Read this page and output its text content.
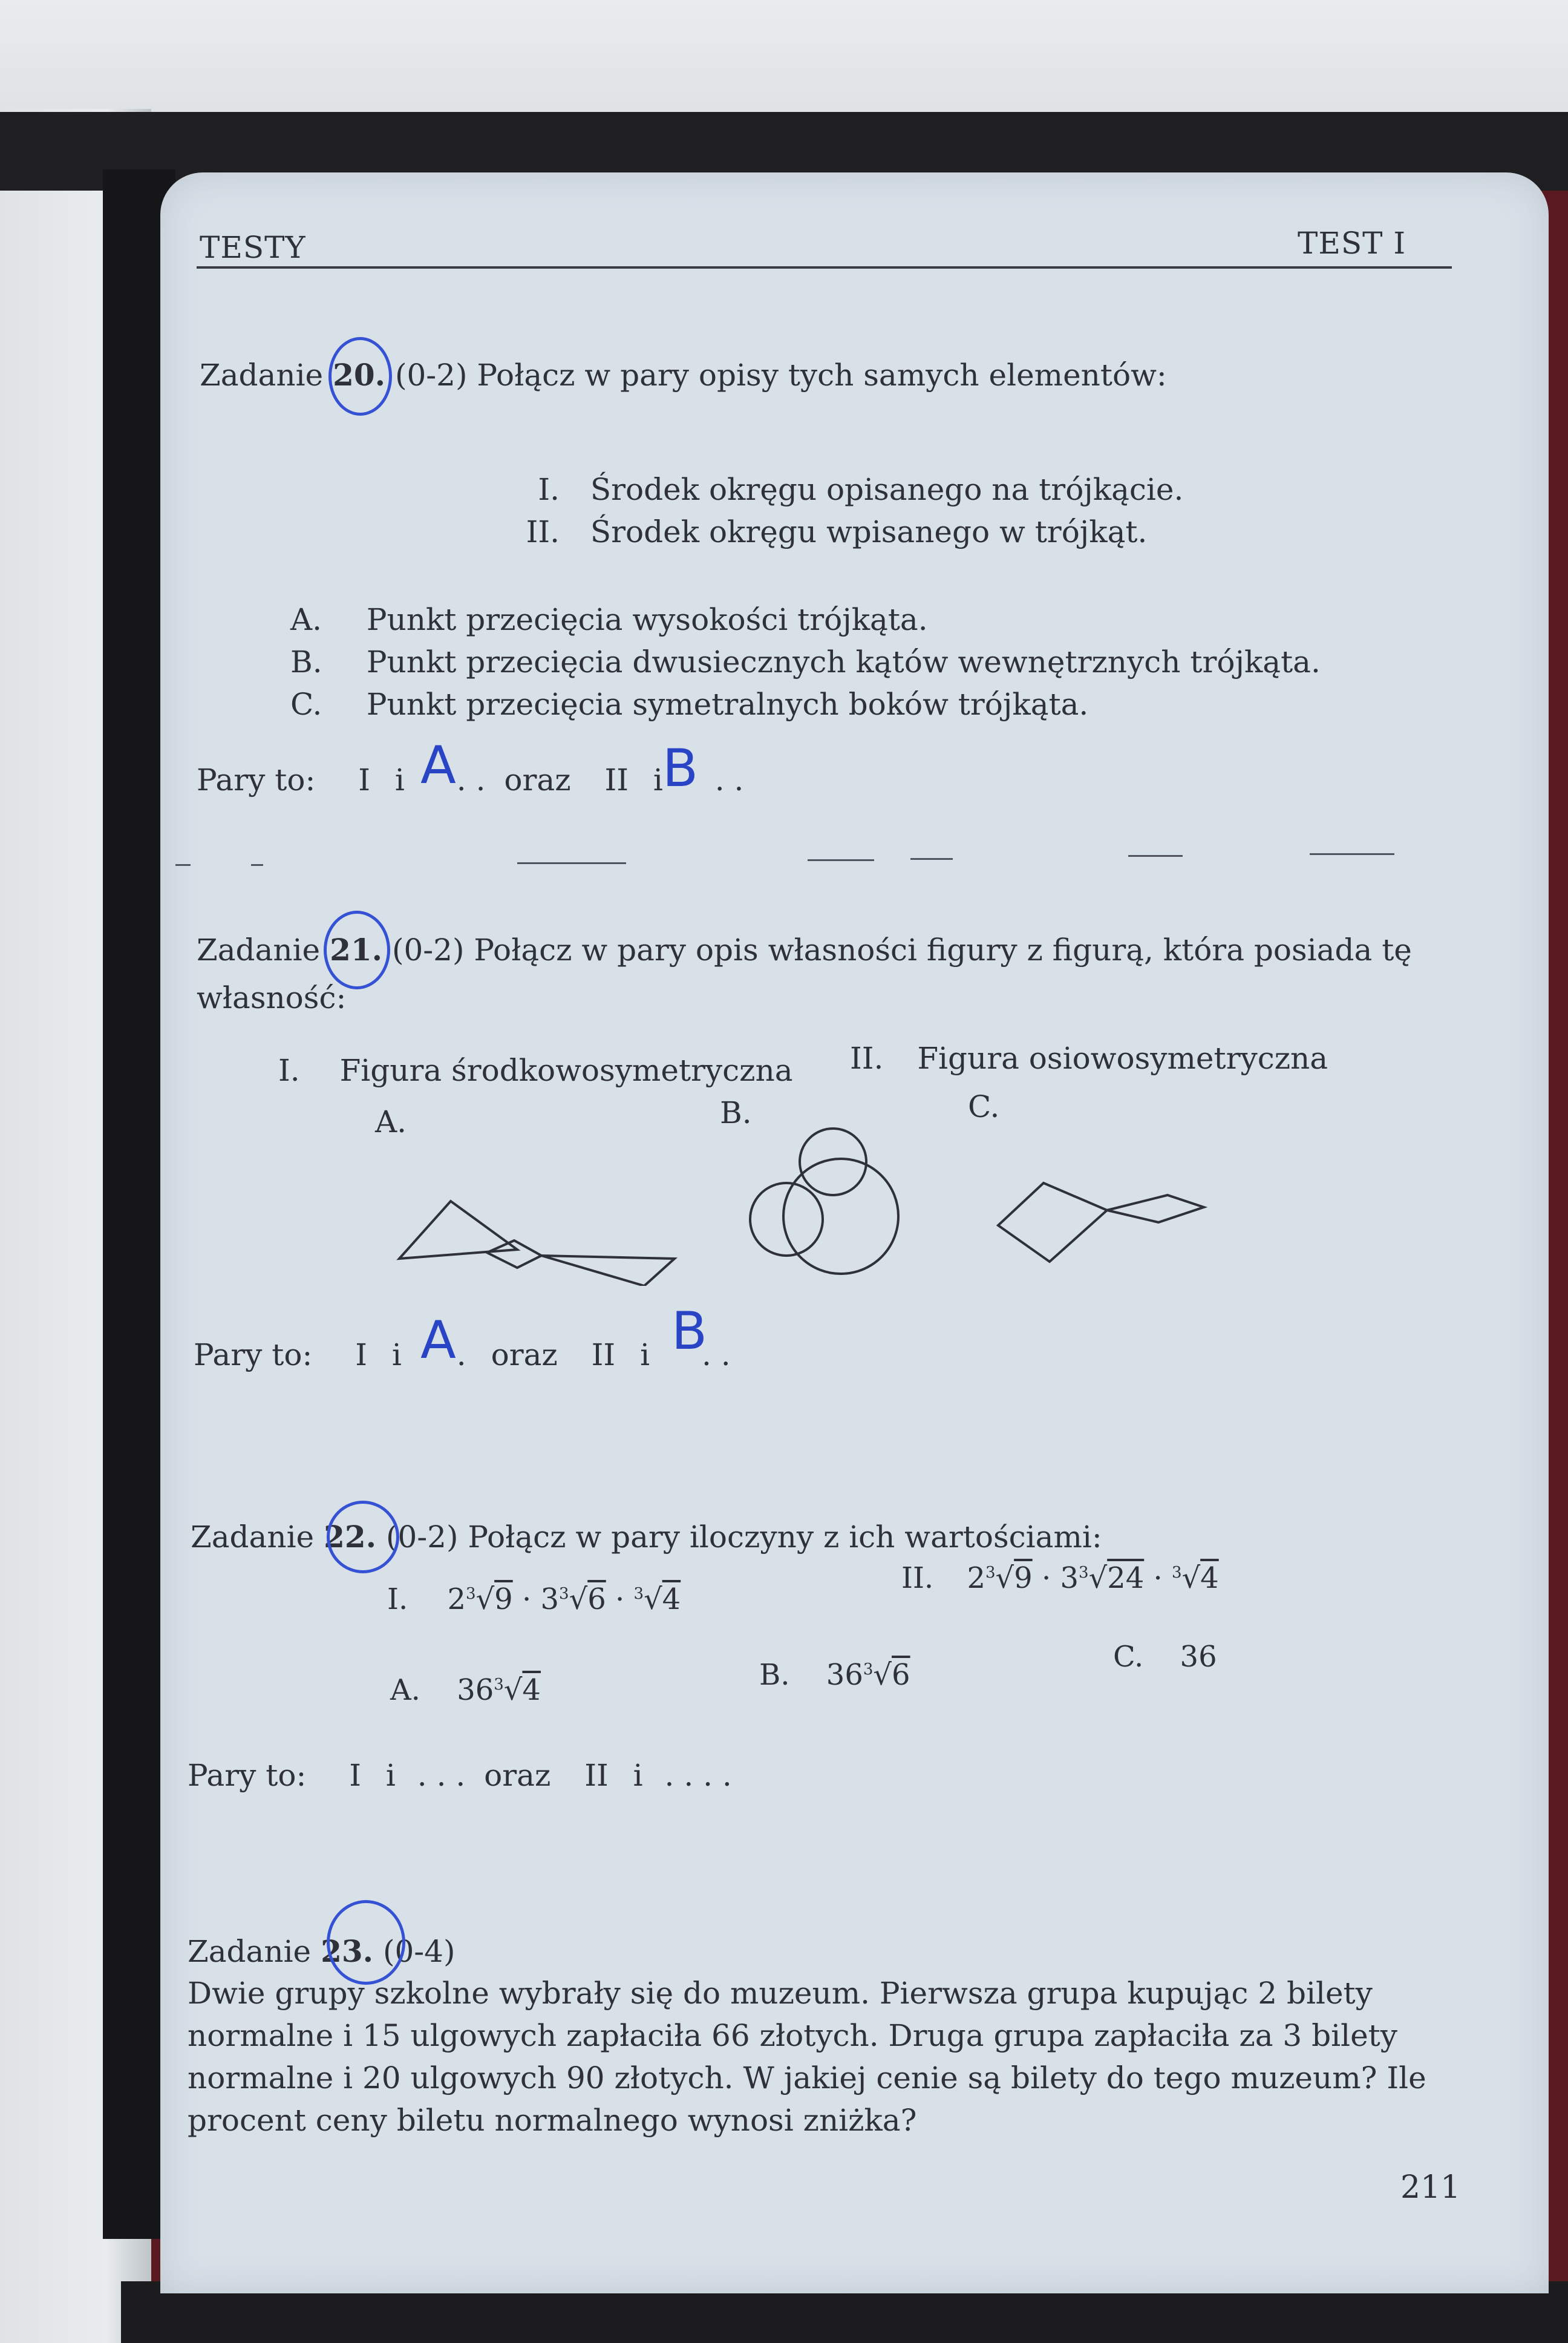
TESTY	TEST I
Zadanie 20. (0-2) Połącz w pary opisy tych samych elementów:
I. Środek okręgu opisanego na trójkącie.
II. Środek okręgu wpisanego w trójkąt.
A. Punkt przecięcia wysokości trójkąta.
B. Punkt przecięcia dwusiecznych kątów wewnętrznych trójkąta.
C. Punkt przecięcia symetralnych boków trójkąta.
Pary to: I i . . oraz II i . .
A	B
Zadanie 21. (0-2) Połącz w pary opis własności figury z figurą, która posiada tę
własność:
I. Figura środkowosymetryczna II. Figura osiowosymetryczna
A.	B.	C.
Pary to: I i . oraz II i . .
A	B
Zadanie 22. (0-2) Połącz w pary iloczyny z ich wartościami:
I. $2^3√9 \cdot 3^3√6 \cdot ^3√4$
II. $2^3√9 \cdot 3^3√24 \cdot ^3√4$
A. $36^3√4$	B. $36^3√6$
C. 36
Pary to: I i . . . oraz II i . . . .
Zadanie 23. (0-4)
Dwie grupy szkolne wybrały się do muzeum. Pierwsza grupa kupując 2 bilety
normalne i 15 ulgowych zapłaciła 66 złotych. Druga grupa zapłaciła za 3 bilety
normalne i 20 ulgowych 90 złotych. W jakiej cenie są bilety do tego muzeum? Ile
procent ceny biletu normalnego wynosi zniżka?
211
